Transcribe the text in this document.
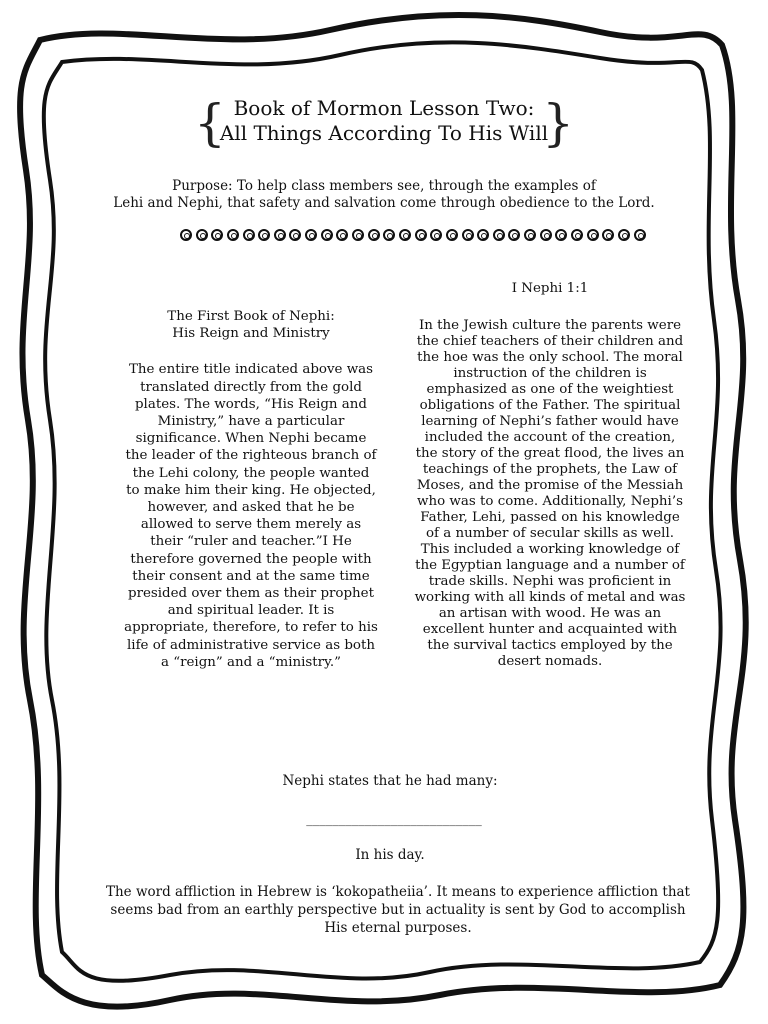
{ Book of Mormon Lesson Two:
All Things According To His Will
}
Purpose: To help class members see, through the examples of
Lehi and Nephi, that safety and salvation come through obedience to the Lord.
The First Book of Nephi:
His Reign and Ministry
The entire title indicated above was translated directly from the gold plates. The words, “His Reign and Ministry,” have a particular significance. When Nephi became the leader of the righteous branch of the Lehi colony, the people wanted to make him their king. He objected, however, and asked that he be allowed to serve them merely as their “ruler and teacher.”I He therefore governed the people with their consent and at the same time presided over them as their prophet and spiritual leader. It is appropriate, therefore, to refer to his life of administrative service as both a “reign” and a “ministry.”
I Nephi 1:1
In the Jewish culture the parents were the chief teachers of their children and the hoe was the only school. The moral instruction of the children is emphasized as one of the weightiest obligations of the Father. The spiritual learning of Nephi’s father would have included the account of the creation, the story of the great flood, the lives an teachings of the prophets, the Law of Moses, and the promise of the Messiah who was to come. Additionally, Nephi’s Father, Lehi, passed on his knowledge of a number of secular skills as well. This included a working knowledge of the Egyptian language and a number of trade skills. Nephi was proficient in working with all kinds of metal and was an artisan with wood. He was an excellent hunter and acquainted with the survival tactics employed by the desert nomads.
Nephi states that he had many:
___________________________
In his day.
The word affliction in Hebrew is ‘kokopatheiia’. It means to experience affliction that seems bad from an earthly perspective but in actuality is sent by God to accomplish His eternal purposes.
